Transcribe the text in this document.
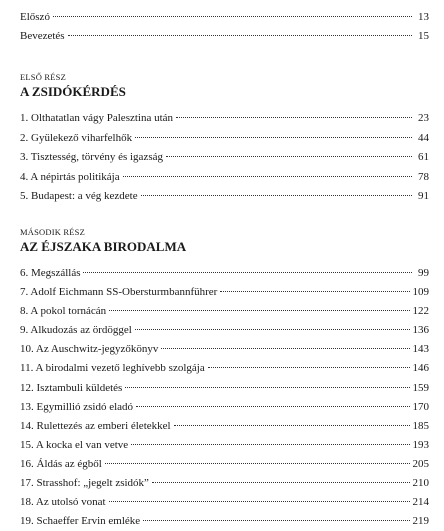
Előszó	13
Bevezetés	15
ELSŐ RÉSZ
A ZSIDÓKÉRDÉS
1. Olthatatlan vágy Palesztina után	23
2. Gyülekező viharfelhők	44
3. Tisztesség, törvény és igazság	61
4. A népirtás politikája	78
5. Budapest: a vég kezdete	91
MÁSODIK RÉSZ
AZ ÉJSZAKA BIRODALMA
6. Megszállás	99
7. Adolf Eichmann SS-Obersturmbannführer	109
8. A pokol tornácán	122
9. Alkudozás az ördöggel	136
10. Az Auschwitz-jegyzőkönyv	143
11. A birodalmi vezető leghívebb szolgája	146
12. Isztambuli küldetés	159
13. Egymillió zsidó eladó	170
14. Rulettezés az emberi életekkel	185
15. A kocka el van vetve	193
16. Áldás az égből	205
17. Strasshof: „jegelt zsidók”	210
18. Az utolsó vonat	214
19. Schaeffer Ervin emléke	219
